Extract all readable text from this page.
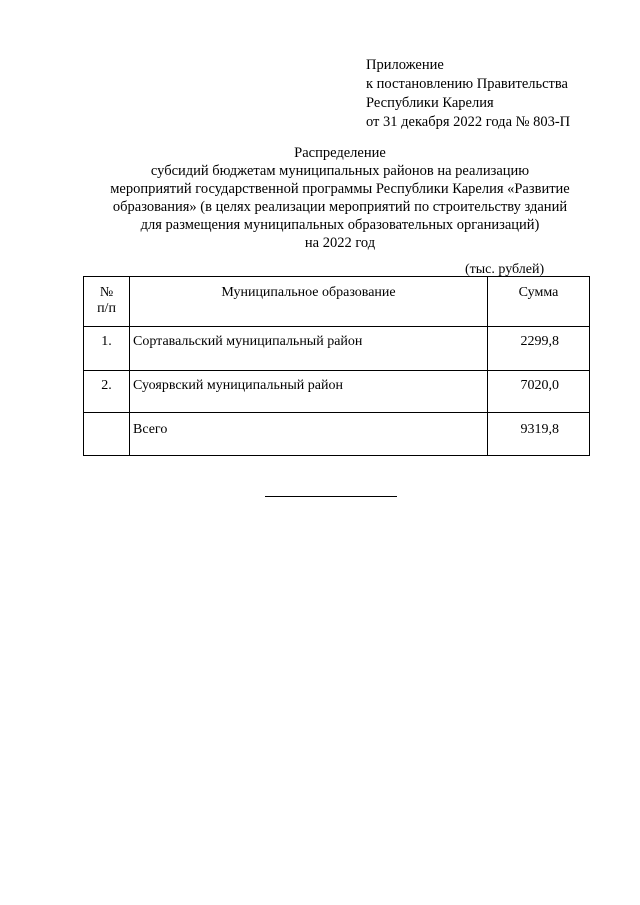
Приложение
к постановлению Правительства
Республики Карелия
от 31 декабря 2022 года № 803-П
Распределение
субсидий бюджетам муниципальных районов на реализацию
мероприятий государственной программы Республики Карелия «Развитие
образования» (в целях реализации мероприятий по строительству зданий
для размещения муниципальных образовательных организаций)
на 2022 год
(тыс. рублей)
№
п/п	Муниципальное образование	Сумма
1.	Сортавальский муниципальный район	2299,8
2.	Суоярвский муниципальный район	7020,0
	Всего	9319,8
